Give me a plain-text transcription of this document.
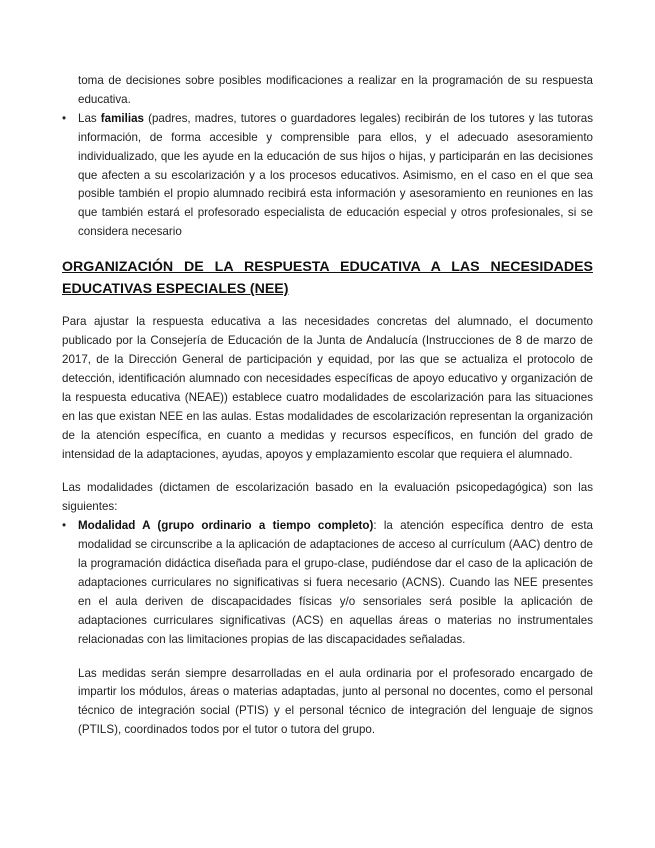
toma de decisiones sobre posibles modificaciones a realizar en la programación de su respuesta educativa.

• Las familias (padres, madres, tutores o guardadores legales) recibirán de los tutores y las tutoras información, de forma accesible y comprensible para ellos, y el adecuado asesoramiento individualizado, que les ayude en la educación de sus hijos o hijas, y participarán en las decisiones que afecten a su escolarización y a los procesos educativos. Asimismo, en el caso en el que sea posible también el propio alumnado recibirá esta información y asesoramiento en reuniones en las que también estará el profesorado especialista de educación especial y otros profesionales, si se considera necesario

ORGANIZACIÓN DE LA RESPUESTA EDUCATIVA A LAS NECESIDADES EDUCATIVAS ESPECIALES (NEE)

Para ajustar la respuesta educativa a las necesidades concretas del alumnado, el documento publicado por la Consejería de Educación de la Junta de Andalucía (Instrucciones de 8 de marzo de 2017, de la Dirección General de participación y equidad, por las que se actualiza el protocolo de detección, identificación alumnado con necesidades específicas de apoyo educativo y organización de la respuesta educativa (NEAE)) establece cuatro modalidades de escolarización para las situaciones en las que existan NEE en las aulas. Estas modalidades de escolarización representan la organización de la atención específica, en cuanto a medidas y recursos específicos, en función del grado de intensidad de la adaptaciones, ayudas, apoyos y emplazamiento escolar que requiera el alumnado.

Las modalidades (dictamen de escolarización basado en la evaluación psicopedagógica) son las siguientes:

• Modalidad A (grupo ordinario a tiempo completo): la atención específica dentro de esta modalidad se circunscribe a la aplicación de adaptaciones de acceso al currículum (AAC) dentro de la programación didáctica diseñada para el grupo-clase, pudiéndose dar el caso de la aplicación de adaptaciones curriculares no significativas si fuera necesario (ACNS). Cuando las NEE presentes en el aula deriven de discapacidades físicas y/o sensoriales será posible la aplicación de adaptaciones curriculares significativas (ACS) en aquellas áreas o materias no instrumentales relacionadas con las limitaciones propias de las discapacidades señaladas.

Las medidas serán siempre desarrolladas en el aula ordinaria por el profesorado encargado de impartir los módulos, áreas o materias adaptadas, junto al personal no docentes, como el personal técnico de integración social (PTIS) y el personal técnico de integración del lenguaje de signos (PTILS), coordinados todos por el tutor o tutora del grupo.
